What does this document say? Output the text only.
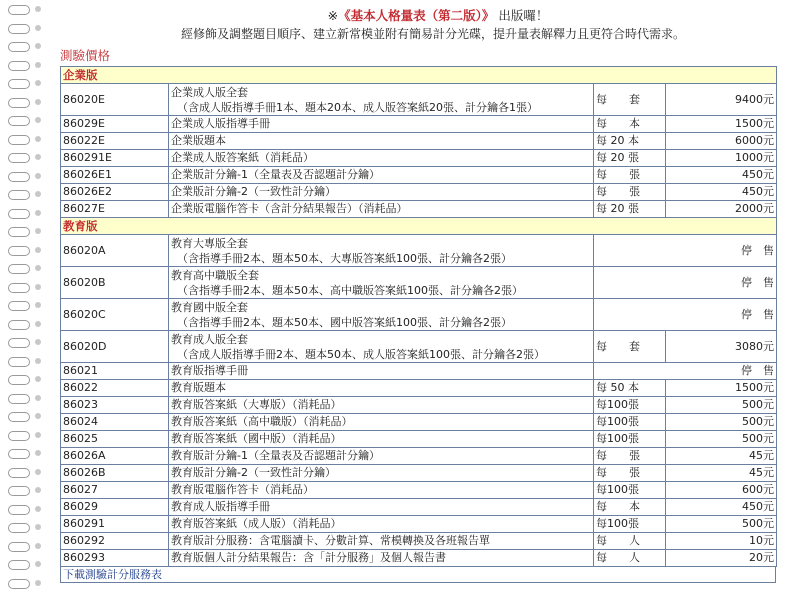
※《基本人格量表（第二版）》 出版囉！
經修飾及調整題目順序、建立新常模並附有簡易計分光碟，提升量表解釋力且更符合時代需求。
測驗價格
企業版			
86020E	企業成人版全套
（含成人版指導手冊1本、題本20本、成人版答案紙20張、計分鑰各1張）	每　　套	9400元
86029E	企業成人版指導手冊	每　　本	1500元
86022E	企業版題本	每 20 本	6000元
860291E	企業成人版答案紙（消耗品）	每 20 張	1000元
86026E1	企業版計分鑰-1（全量表及否認題計分鑰）	每　　張	450元
86026E2	企業版計分鑰-2（一致性計分鑰）	每　　張	450元
86027E	企業版電腦作答卡（含計分結果報告）（消耗品）	每 20 張	2000元
教育版			
86020A	教育大專版全套
（含指導手冊2本、題本50本、大專版答案紙100張、計分鑰各2張）	停　售	
86020B	教育高中職版全套
（含指導手冊2本、題本50本、高中職版答案紙100張、計分鑰各2張）	停　售	
86020C	教育國中版全套
（含指導手冊2本、題本50本、國中版答案紙100張、計分鑰各2張）	停　售	
86020D	教育成人版全套
（含成人版指導手冊2本、題本50本、成人版答案紙100張、計分鑰各2張）	每　　套	3080元
86021	教育版指導手冊	停　售	
86022	教育版題本	每 50 本	1500元
86023	教育版答案紙（大專版）（消耗品）	每100張	500元
86024	教育版答案紙（高中職版）（消耗品）	每100張	500元
86025	教育版答案紙（國中版）（消耗品）	每100張	500元
86026A	教育版計分鑰-1（全量表及否認題計分鑰）	每　　張	45元
86026B	教育版計分鑰-2（一致性計分鑰）	每　　張	45元
86027	教育版電腦作答卡（消耗品）	每100張	600元
86029	教育成人版指導手冊	每　　本	450元
860291	教育版答案紙（成人版）（消耗品）	每100張	500元
860292	教育版計分服務：含電腦讀卡、分數計算、常模轉換及各班報告單	每　　人	10元
860293	教育版個人計分結果報告：含「計分服務」及個人報告書	每　　人	20元
下載測驗計分服務表
